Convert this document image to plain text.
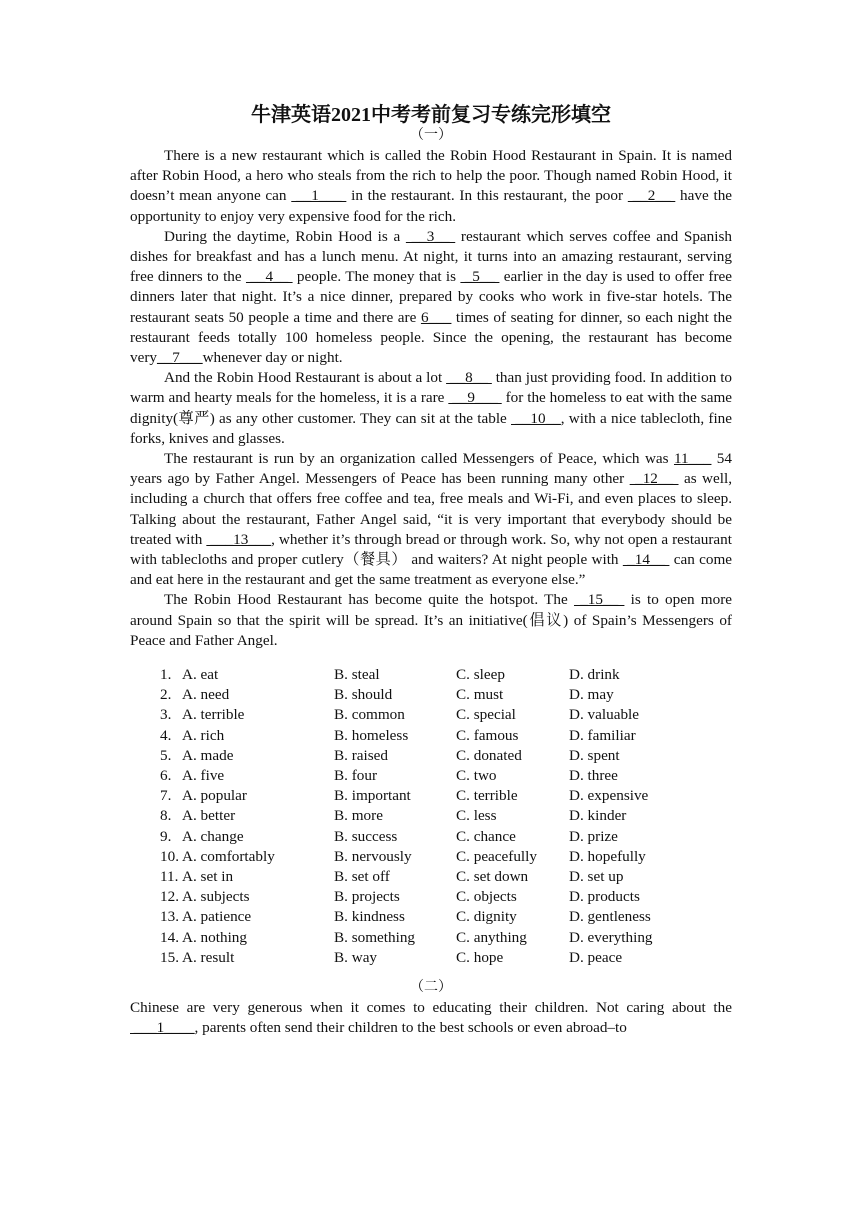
牛津英语2021中考考前复习专练完形填空
（一）

There is a new restaurant which is called the Robin Hood Restaurant in Spain. It is named after Robin Hood, a hero who steals from the rich to help the poor. Though named Robin Hood, it doesn’t mean anyone can  __1___  in the restaurant. In this restaurant, the poor  __2__  have the opportunity to enjoy very expensive food for the rich.

During the daytime, Robin Hood is a  __3__  restaurant which serves coffee and Spanish dishes for breakfast and has a lunch menu. At night, it turns into an amazing restaurant, serving free dinners to the  __4__  people. The money that is  _5__  earlier in the day is used to offer free dinners later that night. It’s a nice dinner, prepared by cooks who work in five-star hotels. The restaurant seats 50 people a time and there are 6___ times of seating for dinner, so each night the restaurant feeds totally 100 homeless people. Since the opening, the restaurant has become very__7___whenever day or night.

And the Robin Hood Restaurant is about a lot  __8__  than just providing food. In addition to warm and hearty meals for the homeless, it is a rare  __9___  for the homeless to eat with the same dignity(尊严) as any other customer. They can sit at the table  __10__, with a nice tablecloth, fine forks, knives and glasses.

The restaurant is run by an organization called Messengers of Peace, which was 11___ 54 years ago by Father Angel. Messengers of Peace has been running many other  _12__  as well, including a church that offers free coffee and tea, free meals and Wi-Fi, and even places to sleep. Talking about the restaurant, Father Angel said, “it is very important that everybody should be treated with  ___13___, whether it’s through bread or through work. So, why not open a restaurant with tablecloths and proper cutlery（餐具） and waiters? At night people with  _14__  can come and eat here in the restaurant and get the same treatment as everyone else.”

The Robin Hood Restaurant has become quite the hotspot. The  _15__  is to open more around Spain so that the spirit will be spread. It’s an initiative(倡议) of Spain’s Messengers of Peace and Father Angel.

1. A. eat	B. steal	C. sleep	D. drink
2. A. need	B. should	C. must	D. may
3. A. terrible	B. common	C. special	D. valuable
4. A. rich	B. homeless	C. famous	D. familiar
5. A. made	B. raised	C. donated	D. spent
6. A. five	B. four	C. two	D. three
7. A. popular	B. important	C. terrible	D. expensive
8. A. better	B. more	C. less	D. kinder
9. A. change	B. success	C. chance	D. prize
10. A. comfortably	B. nervously	C. peacefully	D. hopefully
11. A. set in	B. set off	C. set down	D. set up
12. A. subjects	B. projects	C. objects	D. products
13. A. patience	B. kindness	C. dignity	D. gentleness
14. A. nothing	B. something	C. anything	D. everything
15. A. result	B. way	C. hope	D. peace
（二）

Chinese are very generous when it comes to educating their children. Not caring about the  ___1____, parents often send their children to the best schools or even abroad–to
